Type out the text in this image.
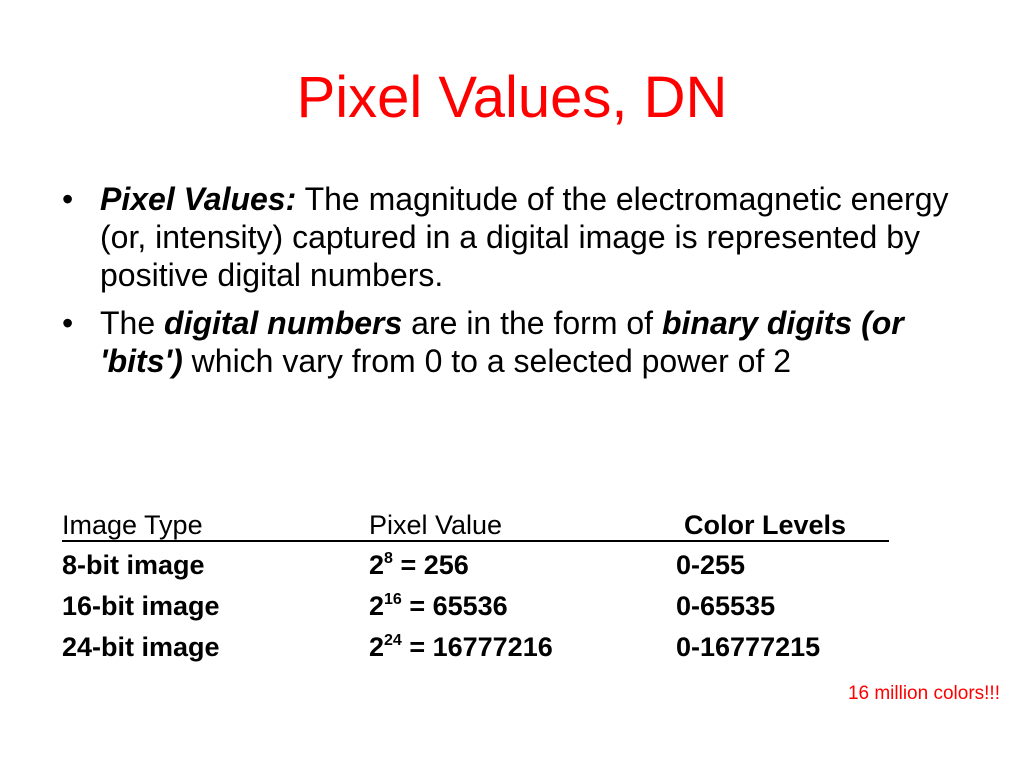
Pixel Values, DN
• Pixel Values: The magnitude of the electromagnetic energy (or, intensity) captured in a digital image is represented by positive digital numbers.
• The digital numbers are in the form of binary digits (or 'bits') which vary from 0 to a selected power of 2
Image Type	Pixel Value	Color Levels
8-bit image	$2^8 = 256$	0-255
16-bit image	$2^{16} = 65536$	0-65535
24-bit image	$2^{24} = 16777216$	0-16777215
16 million colors!!!
